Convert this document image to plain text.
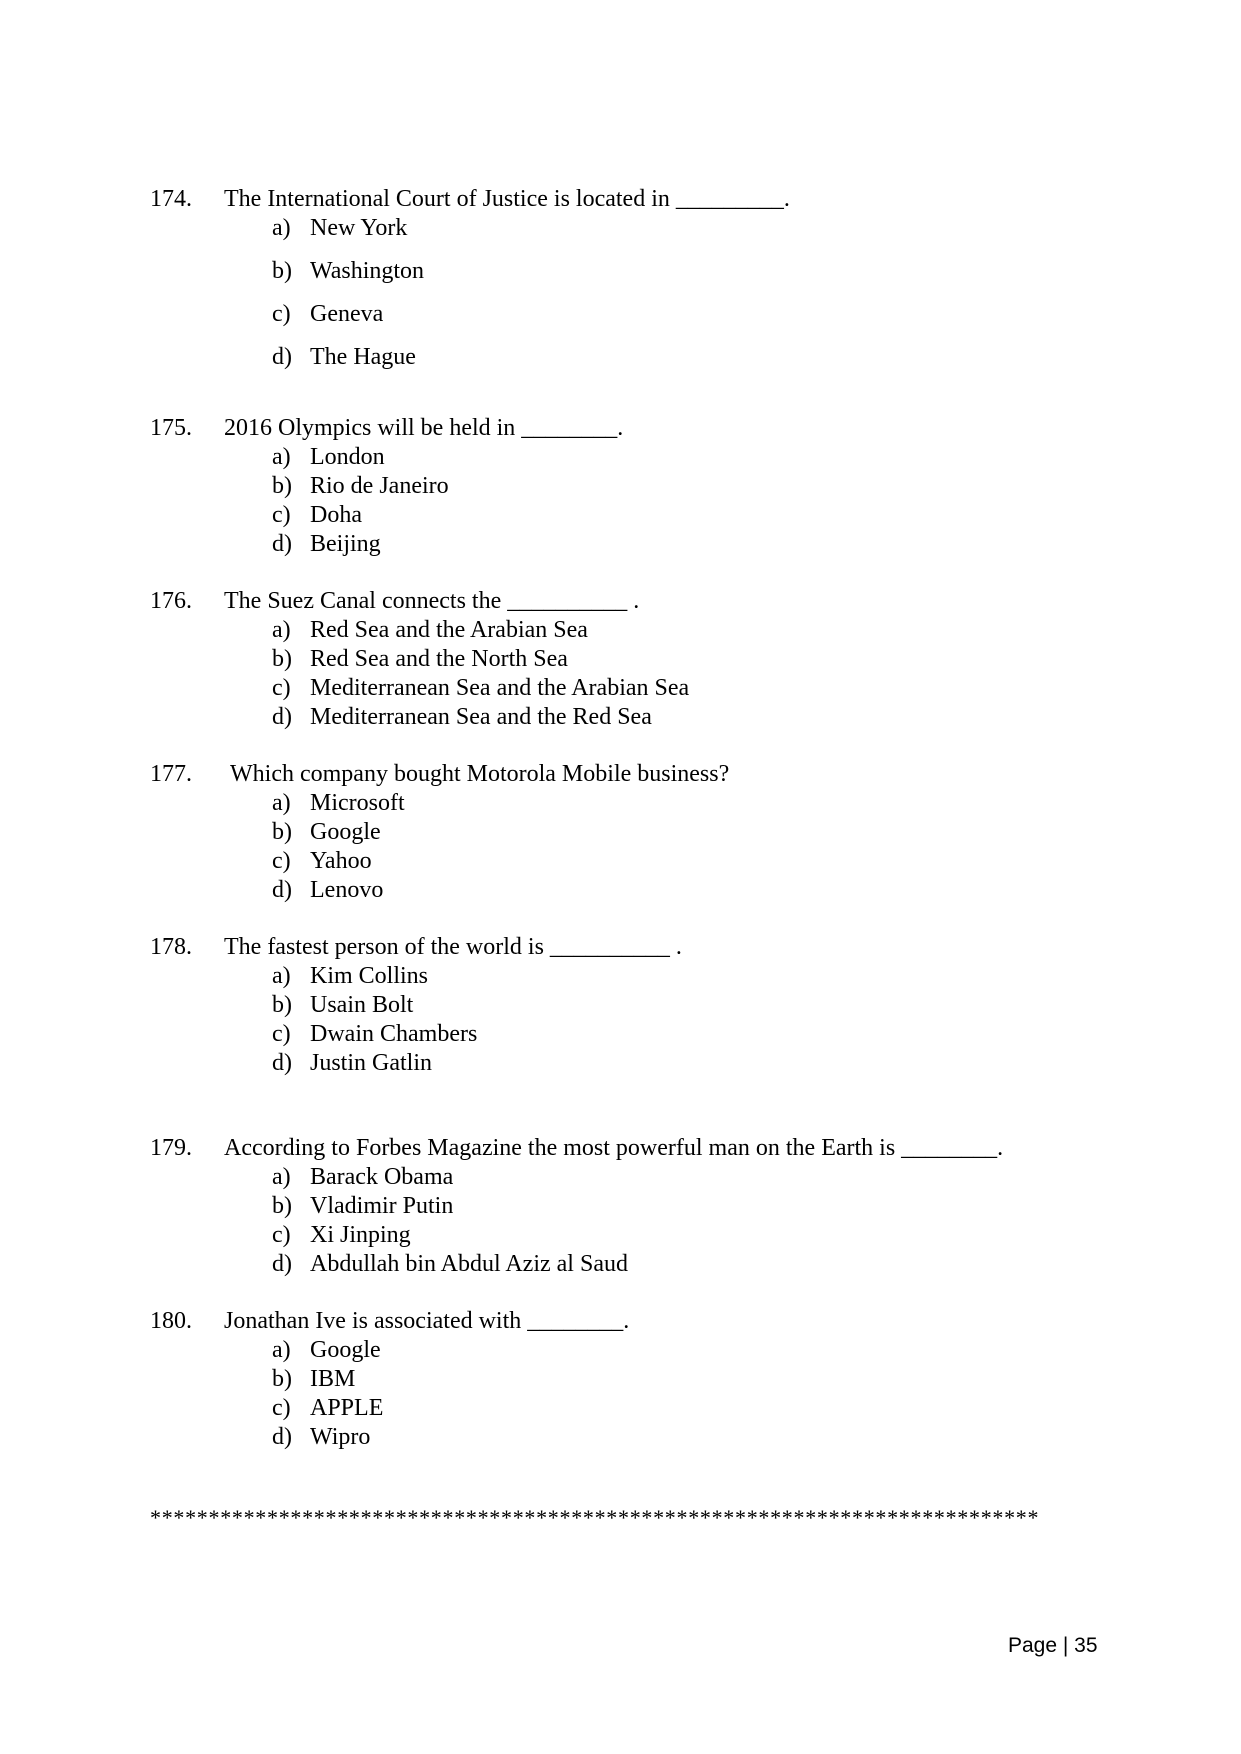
174. The International Court of Justice is located in _________.
a) New York
b) Washington
c) Geneva
d) The Hague
175. 2016 Olympics will be held in ________.
a) London
b) Rio de Janeiro
c) Doha
d) Beijing
176. The Suez Canal connects the __________ .
a) Red Sea and the Arabian Sea
b) Red Sea and the North Sea
c) Mediterranean Sea and the Arabian Sea
d) Mediterranean Sea and the Red Sea
177. Which company bought Motorola Mobile business?
a) Microsoft
b) Google
c) Yahoo
d) Lenovo
178. The fastest person of the world is __________ .
a) Kim Collins
b) Usain Bolt
c) Dwain Chambers
d) Justin Gatlin
179. According to Forbes Magazine the most powerful man on the Earth is ________.
a) Barack Obama
b) Vladimir Putin
c) Xi Jinping
d) Abdullah bin Abdul Aziz al Saud
180. Jonathan Ive is associated with ________.
a) Google
b) IBM
c) APPLE
d) Wipro
****************************************************************************
Page | 35
